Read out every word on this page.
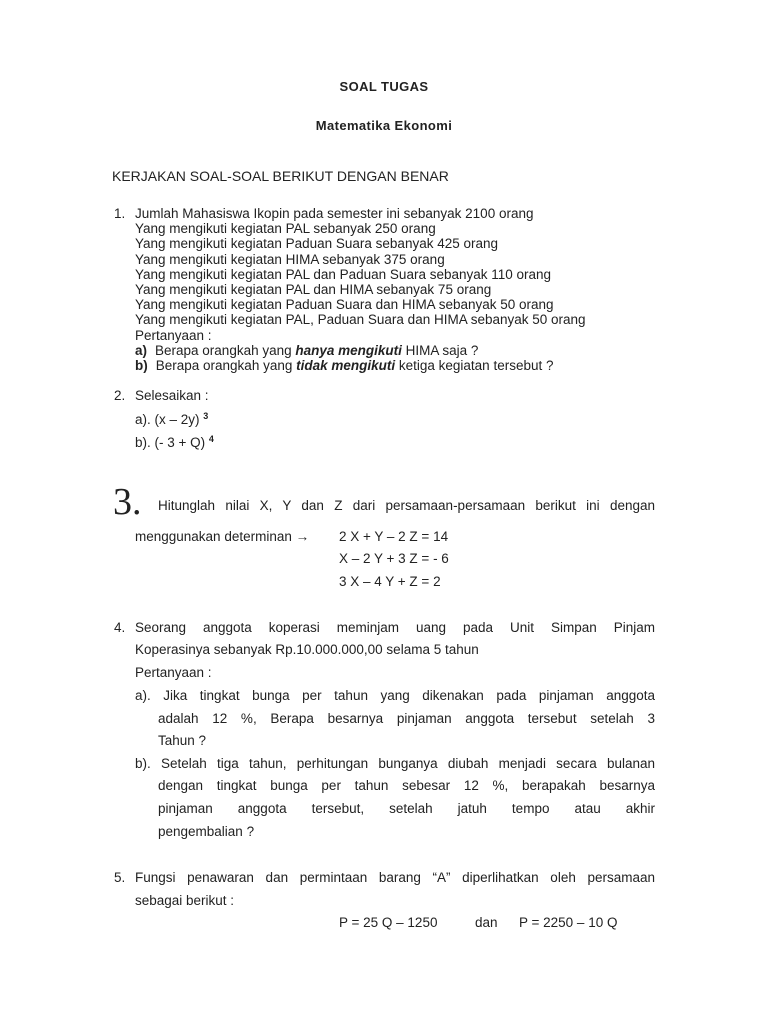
SOAL TUGAS
Matematika Ekonomi
KERJAKAN SOAL-SOAL BERIKUT DENGAN BENAR
1. Jumlah Mahasiswa Ikopin pada semester ini sebanyak 2100 orang
Yang mengikuti kegiatan PAL sebanyak 250 orang
Yang mengikuti kegiatan Paduan Suara sebanyak 425 orang
Yang mengikuti kegiatan HIMA sebanyak 375 orang
Yang mengikuti kegiatan PAL dan Paduan Suara sebanyak 110 orang
Yang mengikuti kegiatan PAL dan HIMA sebanyak 75 orang
Yang mengikuti kegiatan Paduan Suara dan HIMA sebanyak 50 orang
Yang mengikuti kegiatan PAL, Paduan Suara dan HIMA sebanyak 50 orang
Pertanyaan :
a) Berapa orangkah yang hanya mengikuti HIMA saja ?
b) Berapa orangkah yang tidak mengikuti ketiga kegiatan tersebut ?
2. Selesaikan :
a). (x – 2y) $^3$
b). (- 3 + Q) $^4$
3. Hitunglah nilai X, Y dan Z dari persamaan-persamaan berikut ini dengan
menggunakan determinan → 2 X + Y – 2 Z = 14
X – 2 Y + 3 Z = - 6
3 X – 4 Y + Z = 2
4. Seorang anggota koperasi meminjam uang pada Unit Simpan Pinjam
Koperasinya sebanyak Rp.10.000.000,00 selama 5 tahun
Pertanyaan :
a). Jika tingkat bunga per tahun yang dikenakan pada pinjaman anggota
adalah 12 %, Berapa besarnya pinjaman anggota tersebut setelah 3
Tahun ?
b). Setelah tiga tahun, perhitungan bunganya diubah menjadi secara bulanan
dengan tingkat bunga per tahun sebesar 12 %, berapakah besarnya
pinjaman anggota tersebut, setelah jatuh tempo atau akhir
pengembalian ?
5. Fungsi penawaran dan permintaan barang “A” diperlihatkan oleh persamaan
sebagai berikut :
P = 25 Q – 1250	dan P = 2250 – 10 Q
